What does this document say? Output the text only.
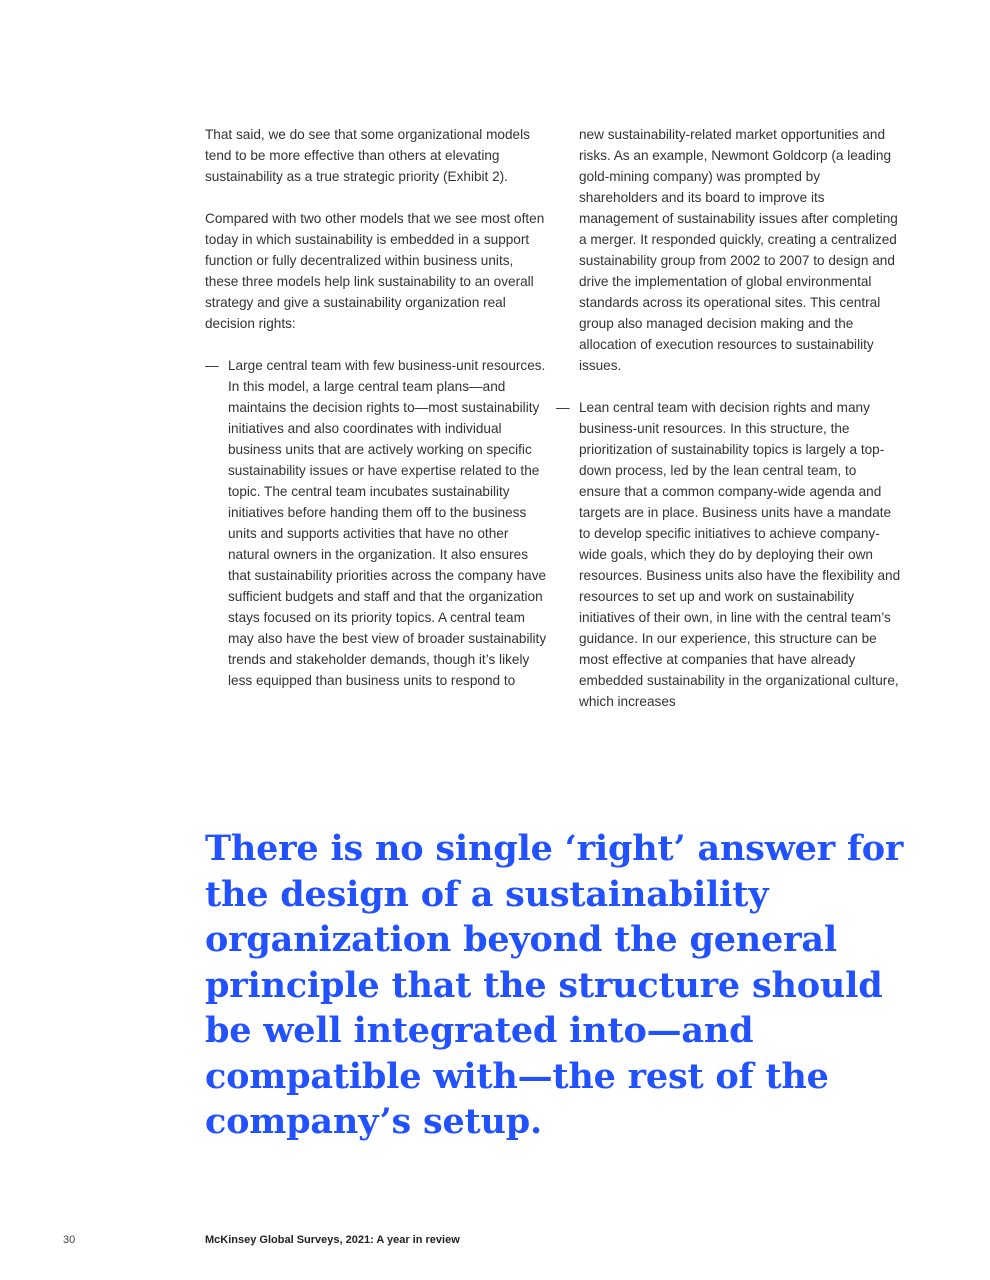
That said, we do see that some organizational models tend to be more effective than others at elevating sustainability as a true strategic priority (Exhibit 2).

Compared with two other models that we see most often today in which sustainability is embedded in a support function or fully decentralized within business units, these three models help link sustainability to an overall strategy and give a sustainability organization real decision rights:

— Large central team with few business-unit resources. In this model, a large central team plans—and maintains the decision rights to—most sustainability initiatives and also coordinates with individual business units that are actively working on specific sustainability issues or have expertise related to the topic. The central team incubates sustainability initiatives before handing them off to the business units and supports activities that have no other natural owners in the organization. It also ensures that sustainability priorities across the company have sufficient budgets and staff and that the organization stays focused on its priority topics. A central team may also have the best view of broader sustainability trends and stakeholder demands, though it’s likely less equipped than business units to respond to

new sustainability-related market opportunities and risks. As an example, Newmont Goldcorp (a leading gold-mining company) was prompted by shareholders and its board to improve its management of sustainability issues after completing a merger. It responded quickly, creating a centralized sustainability group from 2002 to 2007 to design and drive the implementation of global environmental standards across its operational sites. This central group also managed decision making and the allocation of execution resources to sustainability issues.

— Lean central team with decision rights and many business-unit resources. In this structure, the prioritization of sustainability topics is largely a top-down process, led by the lean central team, to ensure that a common company-wide agenda and targets are in place. Business units have a mandate to develop specific initiatives to achieve company-wide goals, which they do by deploying their own resources. Business units also have the flexibility and resources to set up and work on sustainability initiatives of their own, in line with the central team’s guidance. In our experience, this structure can be most effective at companies that have already embedded sustainability in the organizational culture, which increases

There is no single ‘right’ answer for the design of a sustainability organization beyond the general principle that the structure should be well integrated into—and compatible with—the rest of the company’s setup.

30	McKinsey Global Surveys, 2021: A year in review
